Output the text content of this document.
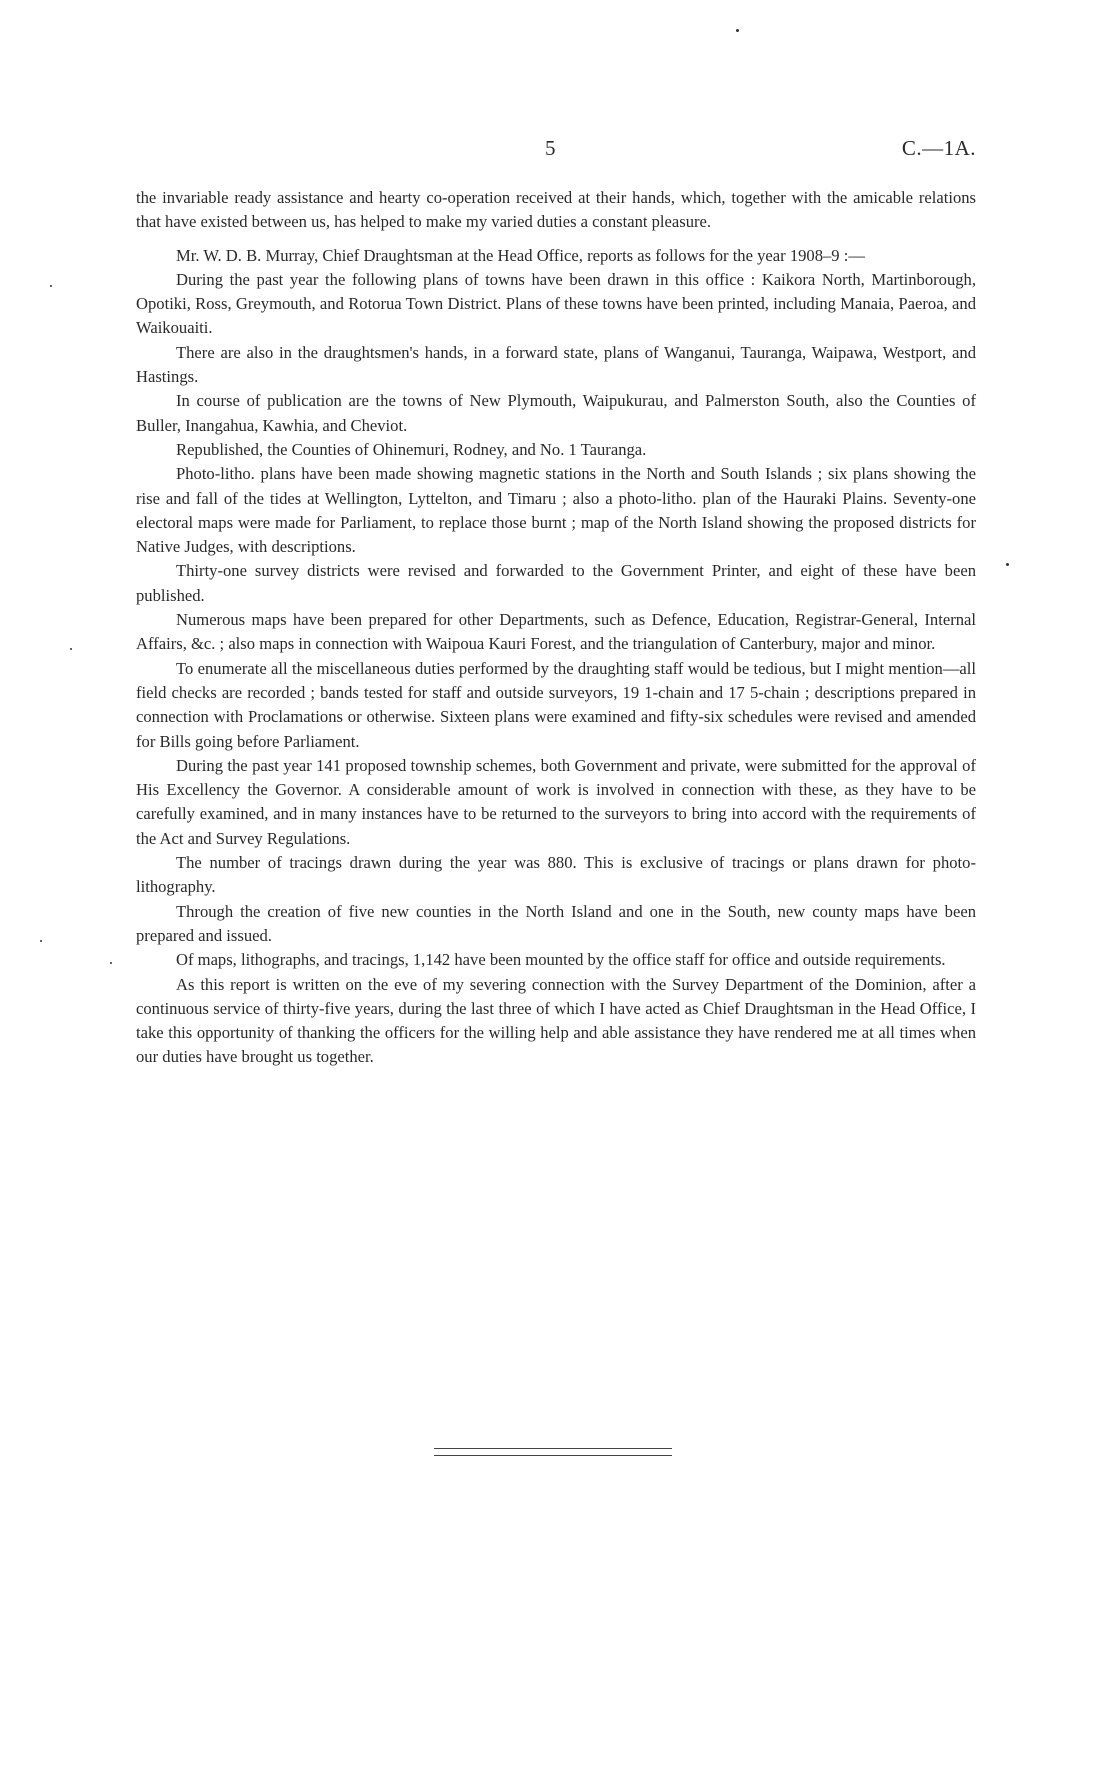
5	C.—1A.

the invariable ready assistance and hearty co-operation received at their hands, which, together with the amicable relations that have existed between us, has helped to make my varied duties a constant pleasure.

Mr. W. D. B. Murray, Chief Draughtsman at the Head Office, reports as follows for the year 1908–9 :—

During the past year the following plans of towns have been drawn in this office : Kaikora North, Martinborough, Opotiki, Ross, Greymouth, and Rotorua Town District. Plans of these towns have been printed, including Manaia, Paeroa, and Waikouaiti.

There are also in the draughtsmen's hands, in a forward state, plans of Wanganui, Tauranga, Waipawa, Westport, and Hastings.

In course of publication are the towns of New Plymouth, Waipukurau, and Palmerston South, also the Counties of Buller, Inangahua, Kawhia, and Cheviot.

Republished, the Counties of Ohinemuri, Rodney, and No. 1 Tauranga.

Photo-litho. plans have been made showing magnetic stations in the North and South Islands ; six plans showing the rise and fall of the tides at Wellington, Lyttelton, and Timaru ; also a photo-litho. plan of the Hauraki Plains. Seventy-one electoral maps were made for Parliament, to replace those burnt ; map of the North Island showing the proposed districts for Native Judges, with descriptions.

Thirty-one survey districts were revised and forwarded to the Government Printer, and eight of these have been published.

Numerous maps have been prepared for other Departments, such as Defence, Education, Registrar-General, Internal Affairs, &c. ; also maps in connection with Waipoua Kauri Forest, and the triangulation of Canterbury, major and minor.

To enumerate all the miscellaneous duties performed by the draughting staff would be tedious, but I might mention—all field checks are recorded ; bands tested for staff and outside surveyors, 19 1-chain and 17 5-chain ; descriptions prepared in connection with Proclamations or otherwise. Sixteen plans were examined and fifty-six schedules were revised and amended for Bills going before Parliament.

During the past year 141 proposed township schemes, both Government and private, were submitted for the approval of His Excellency the Governor. A considerable amount of work is involved in connection with these, as they have to be carefully examined, and in many instances have to be returned to the surveyors to bring into accord with the requirements of the Act and Survey Regulations.

The number of tracings drawn during the year was 880. This is exclusive of tracings or plans drawn for photo-lithography.

Through the creation of five new counties in the North Island and one in the South, new county maps have been prepared and issued.

Of maps, lithographs, and tracings, 1,142 have been mounted by the office staff for office and outside requirements.

As this report is written on the eve of my severing connection with the Survey Department of the Dominion, after a continuous service of thirty-five years, during the last three of which I have acted as Chief Draughtsman in the Head Office, I take this opportunity of thanking the officers for the willing help and able assistance they have rendered me at all times when our duties have brought us together.
